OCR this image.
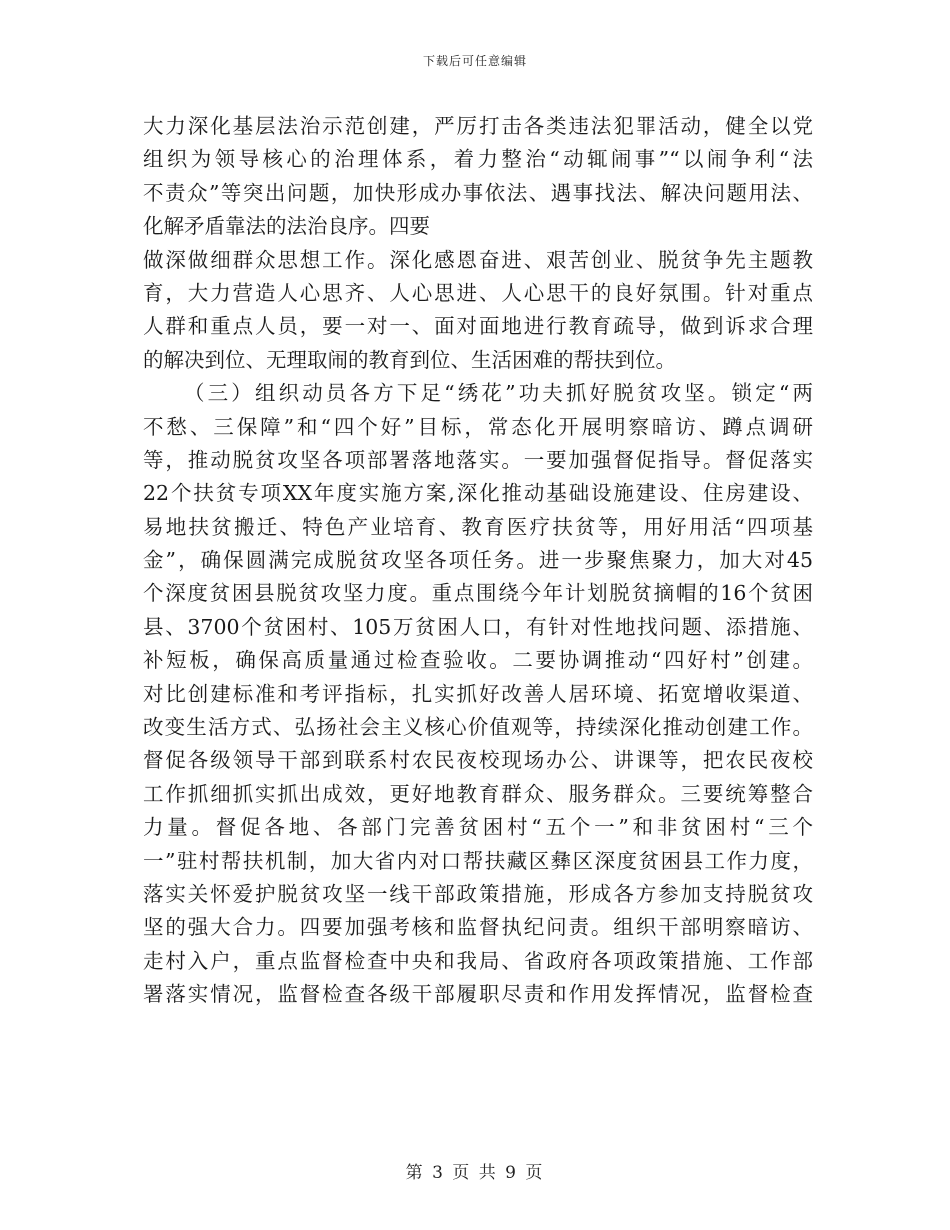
下载后可任意编辑
大力深化基层法治示范创建，严厉打击各类违法犯罪活动，健全以党
组织为领导核心的治理体系，着力整治“动辄闹事”“以闹争利“法
不责众”等突出问题，加快形成办事依法、遇事找法、解决问题用法、
化解矛盾靠法的法治良序。四要
做深做细群众思想工作。深化感恩奋进、艰苦创业、脱贫争先主题教
育，大力营造人心思齐、人心思进、人心思干的良好氛围。针对重点
人群和重点人员，要一对一、面对面地进行教育疏导，做到诉求合理
的解决到位、无理取闹的教育到位、生活困难的帮扶到位。
（三）组织动员各方下足“绣花”功夫抓好脱贫攻坚。锁定“两
不愁、三保障”和“四个好”目标，常态化开展明察暗访、蹲点调研
等，推动脱贫攻坚各项部署落地落实。一要加强督促指导。督促落实
22个扶贫专项XX年度实施方案,深化推动基础设施建设、住房建设、
易地扶贫搬迁、特色产业培育、教育医疗扶贫等，用好用活“四项基
金”，确保圆满完成脱贫攻坚各项任务。进一步聚焦聚力，加大对45
个深度贫困县脱贫攻坚力度。重点围绕今年计划脱贫摘帽的16个贫困
县、3700个贫困村、105万贫困人口，有针对性地找问题、添措施、
补短板，确保高质量通过检查验收。二要协调推动“四好村”创建。
对比创建标准和考评指标，扎实抓好改善人居环境、拓宽增收渠道、
改变生活方式、弘扬社会主义核心价值观等，持续深化推动创建工作。
督促各级领导干部到联系村农民夜校现场办公、讲课等，把农民夜校
工作抓细抓实抓出成效，更好地教育群众、服务群众。三要统筹整合
力量。督促各地、各部门完善贫困村“五个一”和非贫困村“三个
一”驻村帮扶机制，加大省内对口帮扶藏区彝区深度贫困县工作力度，
落实关怀爱护脱贫攻坚一线干部政策措施，形成各方参加支持脱贫攻
坚的强大合力。四要加强考核和监督执纪问责。组织干部明察暗访、
走村入户，重点监督检查中央和我局、省政府各项政策措施、工作部
署落实情况，监督检查各级干部履职尽责和作用发挥情况，监督检查
第 3 页 共 9 页
